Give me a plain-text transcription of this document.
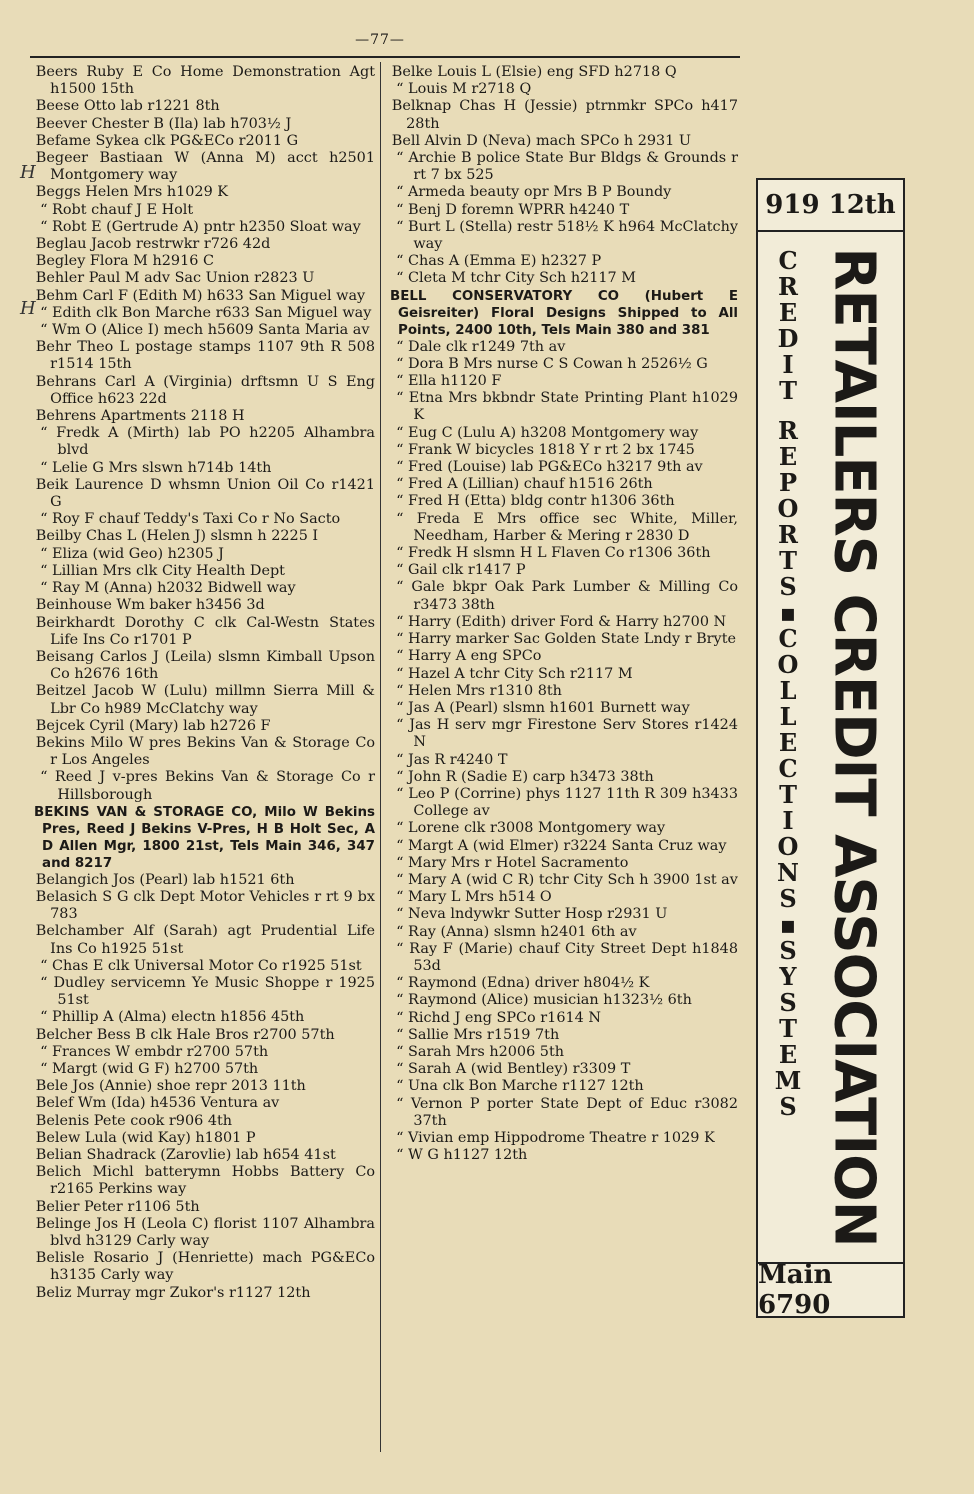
—77—
H
H

Beers Ruby E Co Home Demonstration Agt h1500 15th

Beese Otto lab r1221 8th

Beever Chester B (Ila) lab h703½ J

Befame Sykea clk PG&ECo r2011 G

Begeer Bastiaan W (Anna M) acct h2501 Montgomery way

Beggs Helen Mrs h1029 K

“ Robt chauf J E Holt

“ Robt E (Gertrude A) pntr h2350 Sloat way

Beglau Jacob restrwkr r726 42d

Begley Flora M h2916 C

Behler Paul M adv Sac Union r2823 U

Behm Carl F (Edith M) h633 San Miguel way

“ Edith clk Bon Marche r633 San Miguel way

“ Wm O (Alice I) mech h5609 Santa Maria av

Behr Theo L postage stamps 1107 9th R 508 r1514 15th

Behrans Carl A (Virginia) drftsmn U S Eng Office h623 22d

Behrens Apartments 2118 H

“ Fredk A (Mirth) lab PO h2205 Alhambra blvd

“ Lelie G Mrs slswn h714b 14th

Beik Laurence D whsmn Union Oil Co r1421 G

“ Roy F chauf Teddy's Taxi Co r No Sacto

Beilby Chas L (Helen J) slsmn h 2225 I

“ Eliza (wid Geo) h2305 J

“ Lillian Mrs clk City Health Dept

“ Ray M (Anna) h2032 Bidwell way

Beinhouse Wm baker h3456 3d

Beirkhardt Dorothy C clk Cal-Westn States Life Ins Co r1701 P

Beisang Carlos J (Leila) slsmn Kimball Upson Co h2676 16th

Beitzel Jacob W (Lulu) millmn Sierra Mill & Lbr Co h989 McClatchy way

Bejcek Cyril (Mary) lab h2726 F

Bekins Milo W pres Bekins Van & Storage Co r Los Angeles

“ Reed J v-pres Bekins Van & Storage Co r Hillsborough

BEKINS VAN & STORAGE CO, Milo W Bekins Pres, Reed J Bekins V-Pres, H B Holt Sec, A D Allen Mgr, 1800 21st, Tels Main 346, 347 and 8217

Belangich Jos (Pearl) lab h1521 6th

Belasich S G clk Dept Motor Vehicles r rt 9 bx 783

Belchamber Alf (Sarah) agt Prudential Life Ins Co h1925 51st

“ Chas E clk Universal Motor Co r1925 51st

“ Dudley servicemn Ye Music Shoppe r 1925 51st

“ Phillip A (Alma) electn h1856 45th

Belcher Bess B clk Hale Bros r2700 57th

“ Frances W embdr r2700 57th

“ Margt (wid G F) h2700 57th

Bele Jos (Annie) shoe repr 2013 11th

Belef Wm (Ida) h4536 Ventura av

Belenis Pete cook r906 4th

Belew Lula (wid Kay) h1801 P

Belian Shadrack (Zarovlie) lab h654 41st

Belich Michl batterymn Hobbs Battery Co r2165 Perkins way

Belier Peter r1106 5th

Belinge Jos H (Leola C) florist 1107 Alhambra blvd h3129 Carly way

Belisle Rosario J (Henriette) mach PG&ECo h3135 Carly way

Beliz Murray mgr Zukor's r1127 12th

Belke Louis L (Elsie) eng SFD h2718 Q

“ Louis M r2718 Q

Belknap Chas H (Jessie) ptrnmkr SPCo h417 28th

Bell Alvin D (Neva) mach SPCo h 2931 U

“ Archie B police State Bur Bldgs & Grounds r rt 7 bx 525

“ Armeda beauty opr Mrs B P Boundy

“ Benj D foremn WPRR h4240 T

“ Burt L (Stella) restr 518½ K h964 McClatchy way

“ Chas A (Emma E) h2327 P

“ Cleta M tchr City Sch h2117 M

BELL CONSERVATORY CO (Hubert E Geisreiter) Floral Designs Shipped to All Points, 2400 10th, Tels Main 380 and 381

“ Dale clk r1249 7th av

“ Dora B Mrs nurse C S Cowan h 2526½ G

“ Ella h1120 F

“ Etna Mrs bkbndr State Printing Plant h1029 K

“ Eug C (Lulu A) h3208 Montgomery way

“ Frank W bicycles 1818 Y r rt 2 bx 1745

“ Fred (Louise) lab PG&ECo h3217 9th av

“ Fred A (Lillian) chauf h1516 26th

“ Fred H (Etta) bldg contr h1306 36th

“ Freda E Mrs office sec White, Miller, Needham, Harber & Mering r 2830 D

“ Fredk H slsmn H L Flaven Co r1306 36th

“ Gail clk r1417 P

“ Gale bkpr Oak Park Lumber & Milling Co r3473 38th

“ Harry (Edith) driver Ford & Harry h2700 N

“ Harry marker Sac Golden State Lndy r Bryte

“ Harry A eng SPCo

“ Hazel A tchr City Sch r2117 M

“ Helen Mrs r1310 8th

“ Jas A (Pearl) slsmn h1601 Burnett way

“ Jas H serv mgr Firestone Serv Stores r1424 N

“ Jas R r4240 T

“ John R (Sadie E) carp h3473 38th

“ Leo P (Corrine) phys 1127 11th R 309 h3433 College av

“ Lorene clk r3008 Montgomery way

“ Margt A (wid Elmer) r3224 Santa Cruz way

“ Mary Mrs r Hotel Sacramento

“ Mary A (wid C R) tchr City Sch h 3900 1st av

“ Mary L Mrs h514 O

“ Neva lndywkr Sutter Hosp r2931 U

“ Ray (Anna) slsmn h2401 6th av

“ Ray F (Marie) chauf City Street Dept h1848 53d

“ Raymond (Edna) driver h804½ K

“ Raymond (Alice) musician h1323½ 6th

“ Richd J eng SPCo r1614 N

“ Sallie Mrs r1519 7th

“ Sarah Mrs h2006 5th

“ Sarah A (wid Bentley) r3309 T

“ Una clk Bon Marche r1127 12th

“ Vernon P porter State Dept of Educ r3082 37th

“ Vivian emp Hippodrome Theatre r 1029 K

“ W G h1127 12th

919 12th
C
R
E
D
I
T
R
E
P
O
R
T
S
▪
C
O
L
L
E
C
T
I
O
N
S
▪
S
Y
S
T
E
M
S RETAILERS CREDIT ASSOCIATION
Main 6790
